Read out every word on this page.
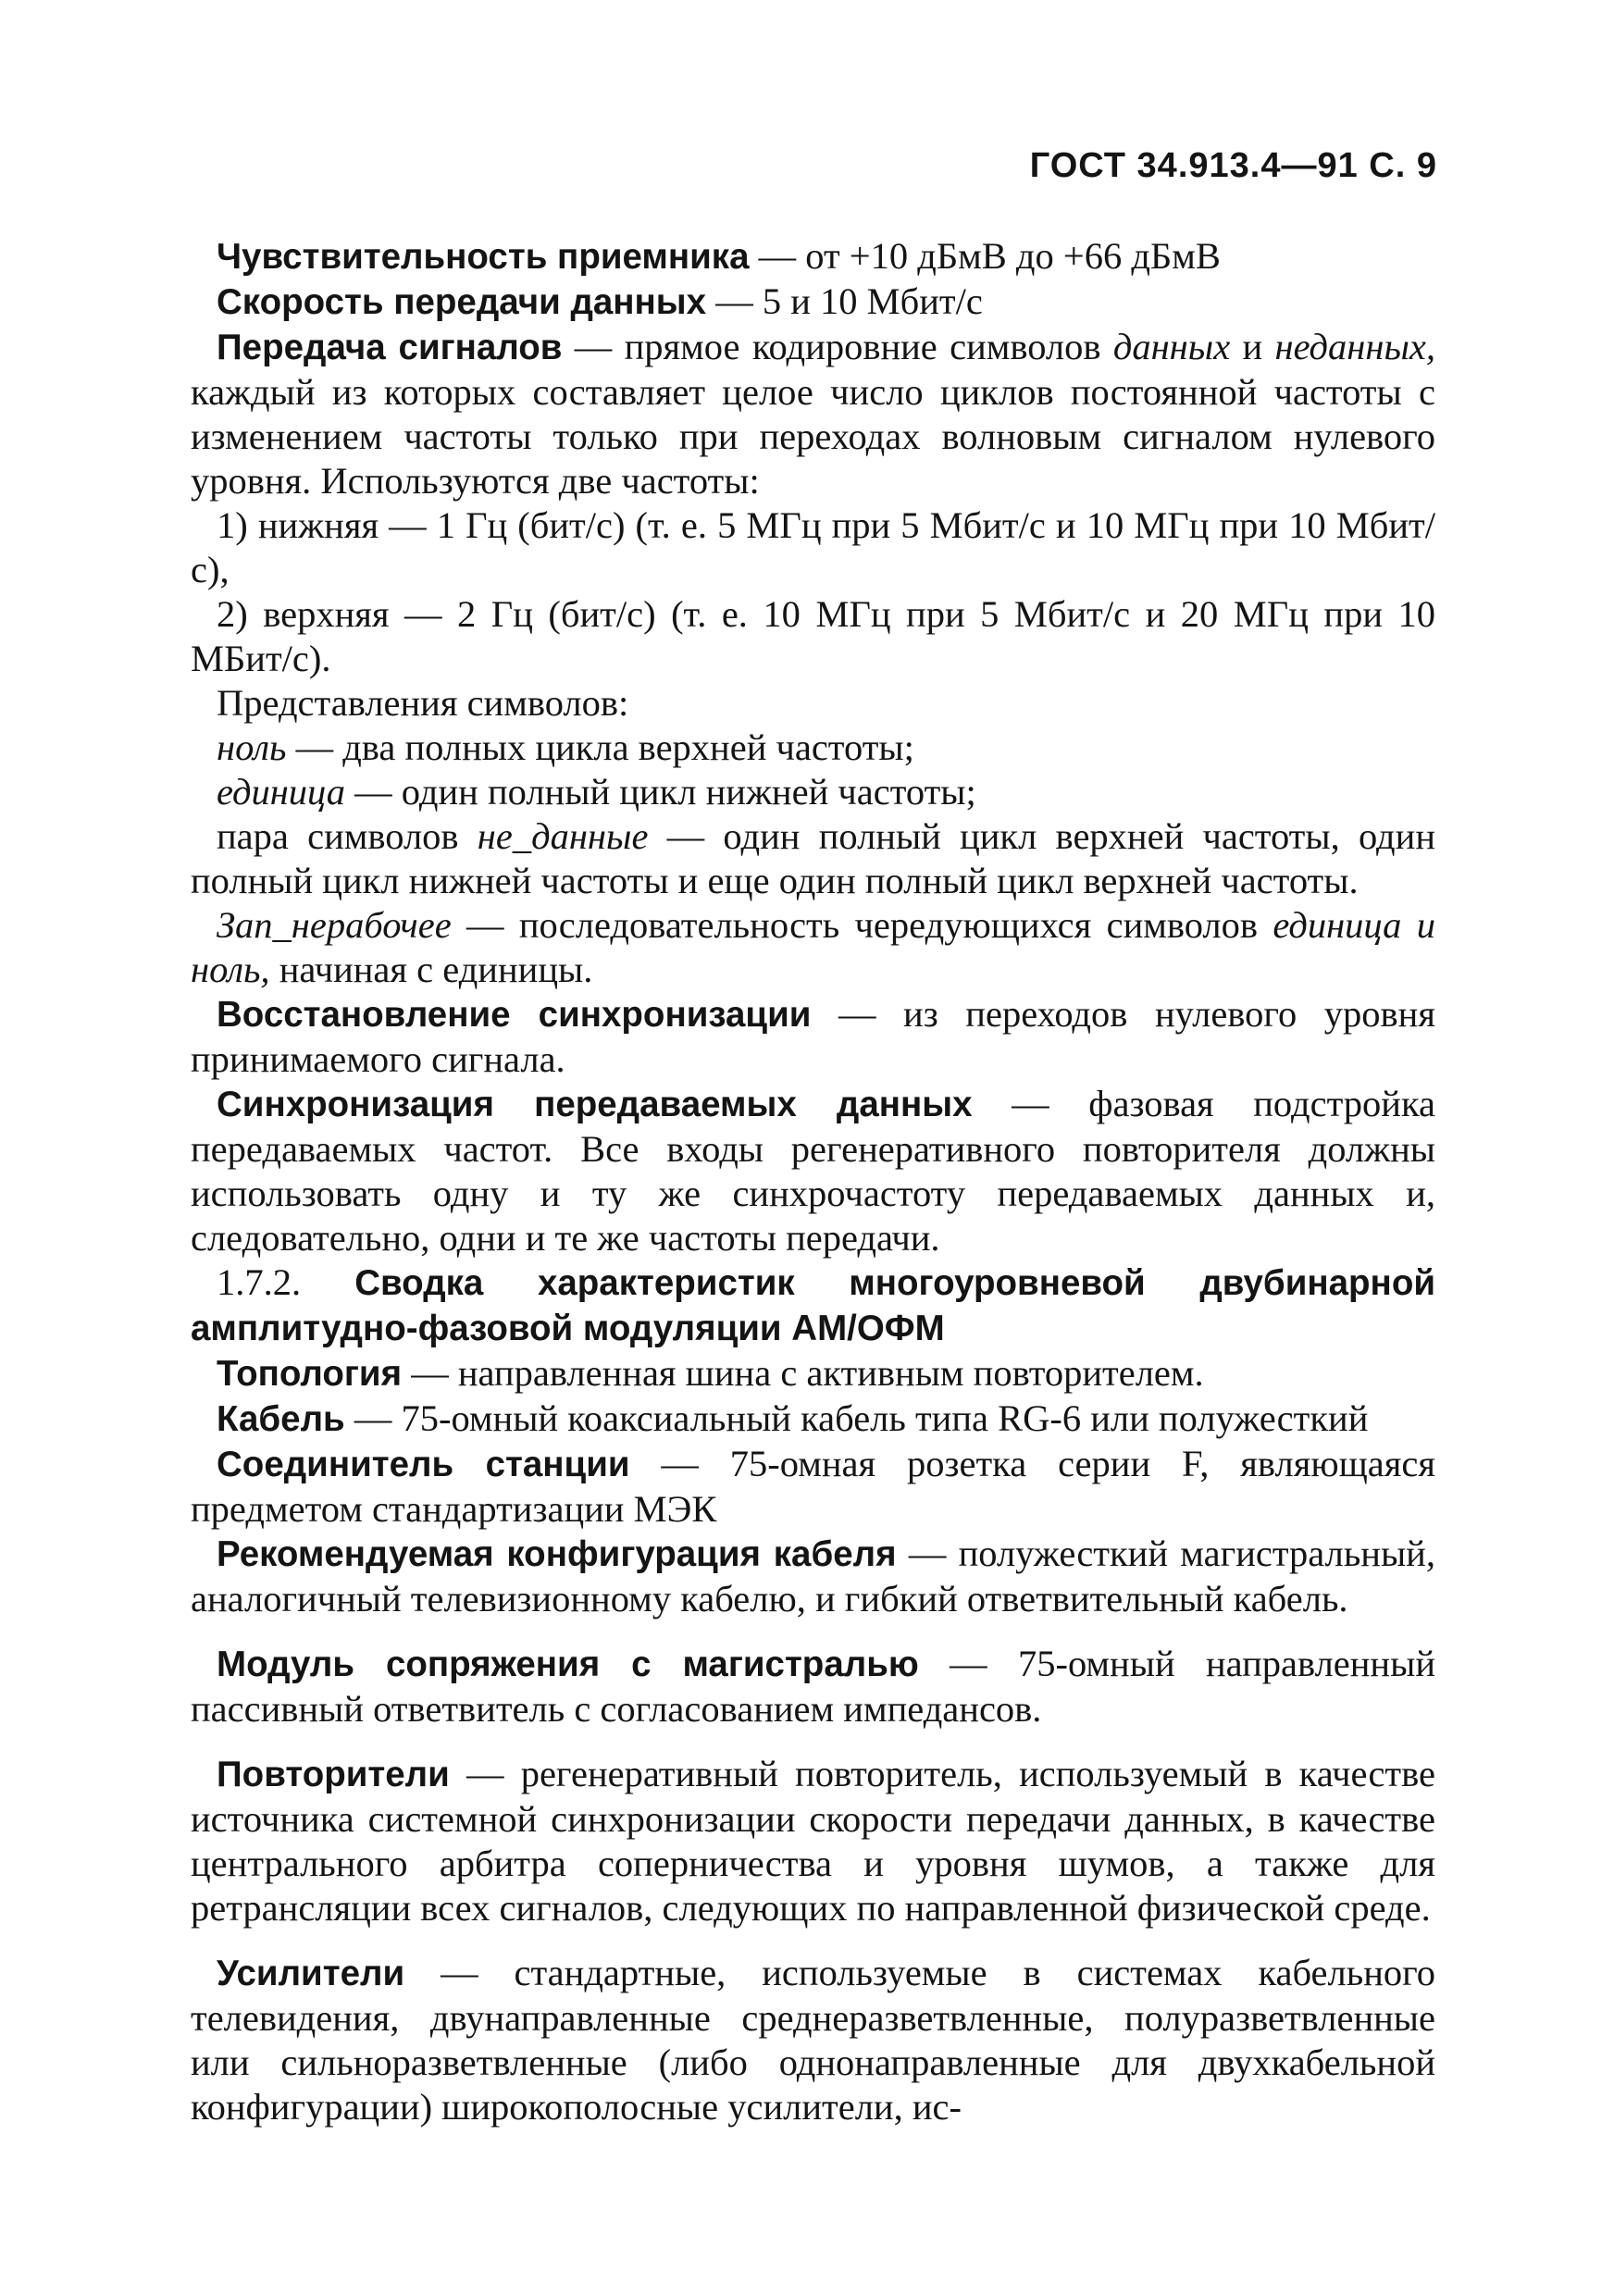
ГОСТ 34.913.4—91 С. 9

Чувствительность приемника — от +10 дБмВ до +66 дБмВ

Скорость передачи данных — 5 и 10 Мбит/с

Передача сигналов — прямое кодировние символов данных и неданных, каждый из которых составляет целое число циклов постоянной частоты с изменением частоты только при переходах волновым сигналом нулевого уровня. Используются две частоты:

1) нижняя — 1 Гц (бит/с) (т. е. 5 МГц при 5 Мбит/с и 10 МГц при 10 Мбит/с),

2) верхняя — 2 Гц (бит/с) (т. е. 10 МГц при 5 Мбит/с и 20 МГц при 10 МБит/с).

Представления символов:

ноль — два полных цикла верхней частоты;

единица — один полный цикл нижней частоты;

пара символов не_данные — один полный цикл верхней частоты, один полный цикл нижней частоты и еще один полный цикл верхней частоты.

Зап_нерабочее — последовательность чередующихся символов единица и ноль, начиная с единицы.

Восстановление синхронизации — из переходов нулевого уровня принимаемого сигнала.

Синхронизация передаваемых данных — фазовая подстройка передаваемых частот. Все входы регенеративного повторителя должны использовать одну и ту же синхрочастоту передаваемых данных и, следовательно, одни и те же частоты передачи.

1.7.2. Сводка характеристик многоуровневой двубинарной амплитудно-фазовой модуляции АМ/ОФМ

Топология — направленная шина с активным повторителем.

Кабель — 75-омный коаксиальный кабель типа RG-6 или полужесткий

Соединитель станции — 75-омная розетка серии F, являющаяся предметом стандартизации МЭК

Рекомендуемая конфигурация кабеля — полужесткий магистральный, аналогичный телевизионному кабелю, и гибкий ответвительный кабель.

Модуль сопряжения с магистралью — 75-омный направленный пассивный ответвитель с согласованием импедансов.

Повторители — регенеративный повторитель, используемый в качестве источника системной синхронизации скорости передачи данных, в качестве центрального арбитра соперничества и уровня шумов, а также для ретрансляции всех сигналов, следующих по направленной физической среде.

Усилители — стандартные, используемые в системах кабельного телевидения, двунаправленные среднеразветвленные, полуразветвленные или сильноразветвленные (либо однонаправленные для двухкабельной конфигурации) широкополосные усилители, ис-
